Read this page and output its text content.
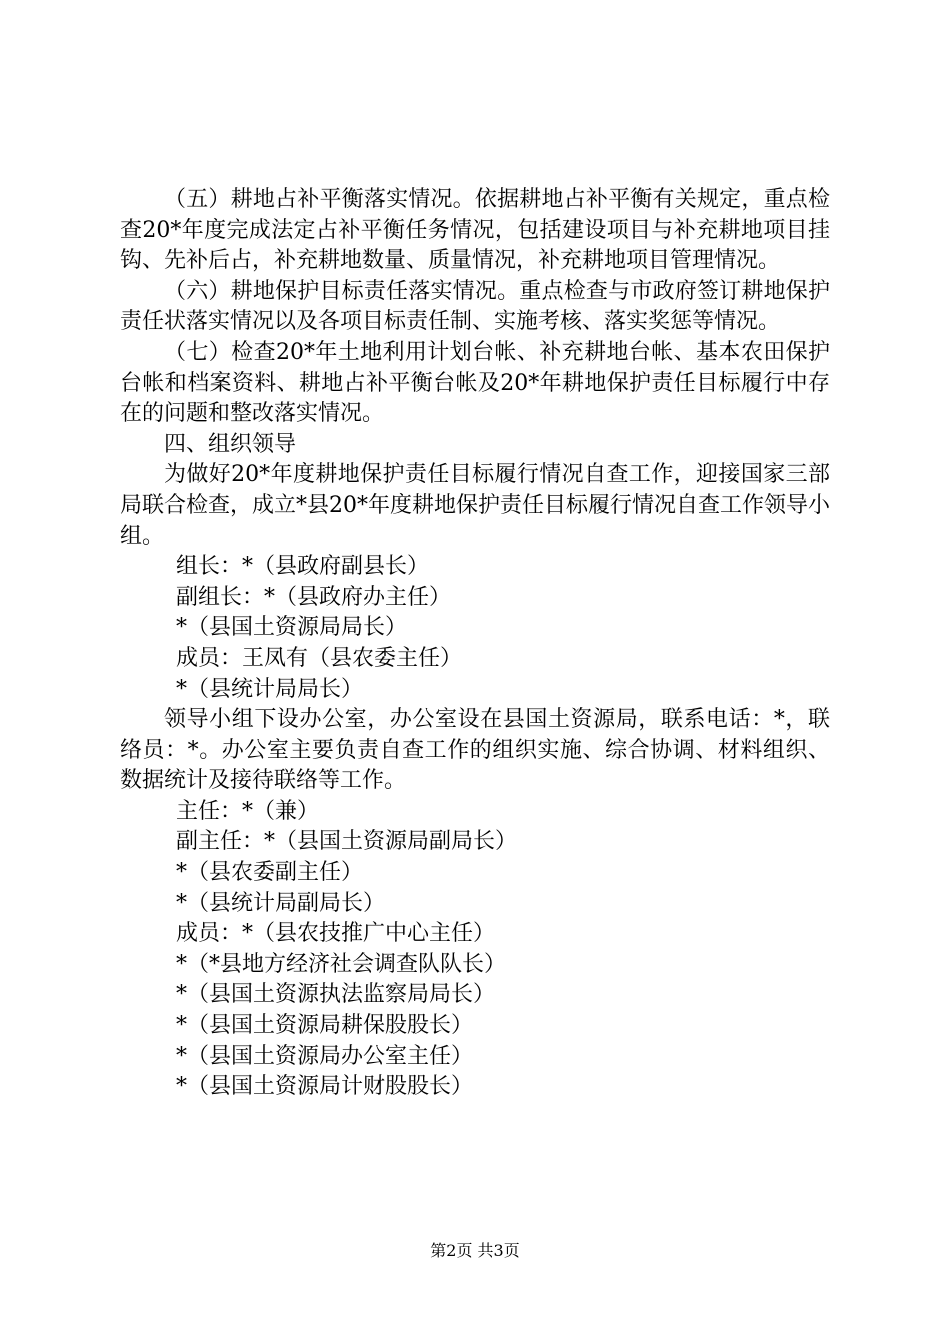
（五）耕地占补平衡落实情况。依据耕地占补平衡有关规定，重点检查20*年度完成法定占补平衡任务情况，包括建设项目与补充耕地项目挂钩、先补后占，补充耕地数量、质量情况，补充耕地项目管理情况。

（六）耕地保护目标责任落实情况。重点检查与市政府签订耕地保护责任状落实情况以及各项目标责任制、实施考核、落实奖惩等情况。

（七）检查20*年土地利用计划台帐、补充耕地台帐、基本农田保护台帐和档案资料、耕地占补平衡台帐及20*年耕地保护责任目标履行中存在的问题和整改落实情况。

四、组织领导

为做好20*年度耕地保护责任目标履行情况自查工作，迎接国家三部局联合检查，成立*县20*年度耕地保护责任目标履行情况自查工作领导小组。

组长：*（县政府副县长）

副组长：*（县政府办主任）

*（县国土资源局局长）

成员：王凤有（县农委主任）

*（县统计局局长）

领导小组下设办公室，办公室设在县国土资源局，联系电话：*，联络员：*。办公室主要负责自查工作的组织实施、综合协调、材料组织、数据统计及接待联络等工作。

主任：*（兼）

副主任：*（县国土资源局副局长）

*（县农委副主任）

*（县统计局副局长）

成员：*（县农技推广中心主任）

*（*县地方经济社会调查队队长）

*（县国土资源执法监察局局长）

*（县国土资源局耕保股股长）

*（县国土资源局办公室主任）

*（县国土资源局计财股股长）

第2页 共3页
